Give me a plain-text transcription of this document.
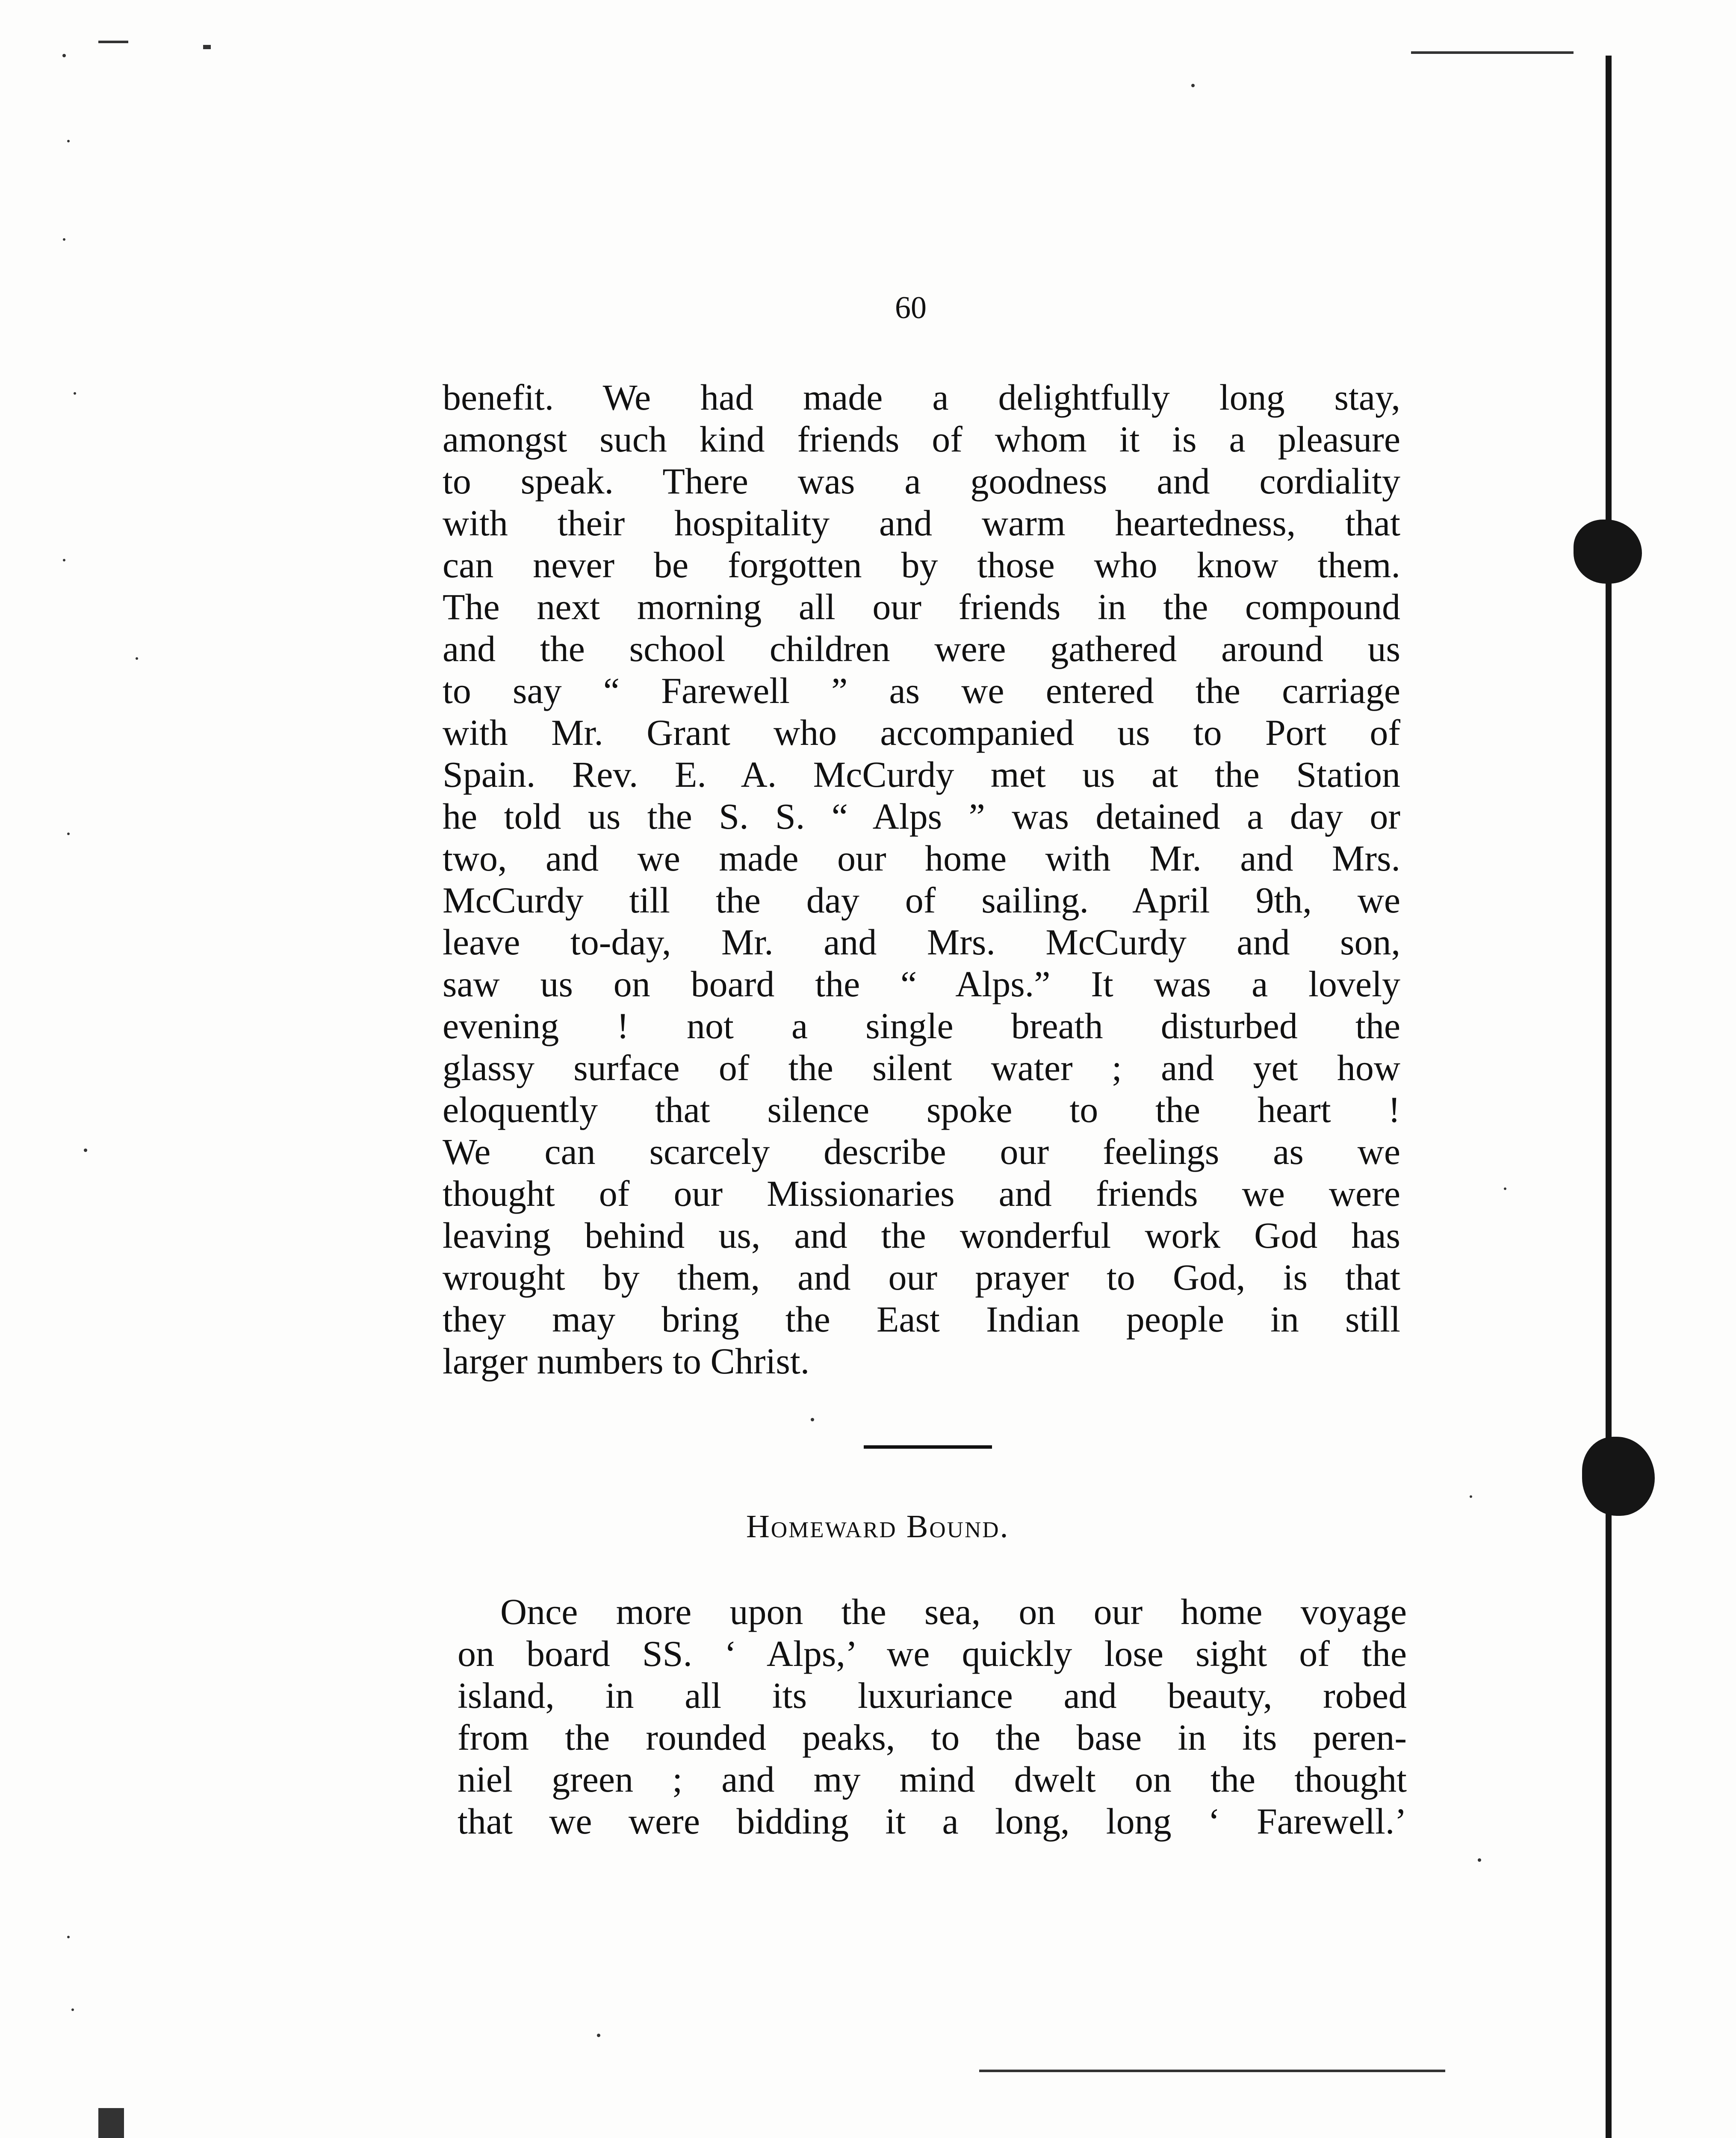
60
benefit. We had made a delightfully long stay,
amongst such kind friends of whom it is a pleasure
to speak. There was a goodness and cordiality
with their hospitality and warm heartedness, that
can never be forgotten by those who know them.
The next morning all our friends in the compound
and the school children were gathered around us
to say “ Farewell ” as we entered the carriage
with Mr. Grant who accompanied us to Port of
Spain. Rev. E. A. McCurdy met us at the Station
he told us the S. S. “ Alps ” was detained a day or
two, and we made our home with Mr. and Mrs.
McCurdy till the day of sailing. April 9th, we
leave to-day, Mr. and Mrs. McCurdy and son,
saw us on board the “ Alps.” It was a lovely
evening ! not a single breath disturbed the
glassy surface of the silent water ; and yet how
eloquently that silence spoke to the heart !
We can scarcely describe our feelings as we
thought of our Missionaries and friends we were
leaving behind us, and the wonderful work God has
wrought by them, and our prayer to God, is that
they may bring the East Indian people in still
larger numbers to Christ.
Homeward Bound.
Once more upon the sea, on our home voyage
on board SS. ‘ Alps,’ we quickly lose sight of the
island, in all its luxuriance and beauty, robed
from the rounded peaks, to the base in its peren-
niel green ; and my mind dwelt on the thought
that we were bidding it a long, long ‘ Farewell.’
